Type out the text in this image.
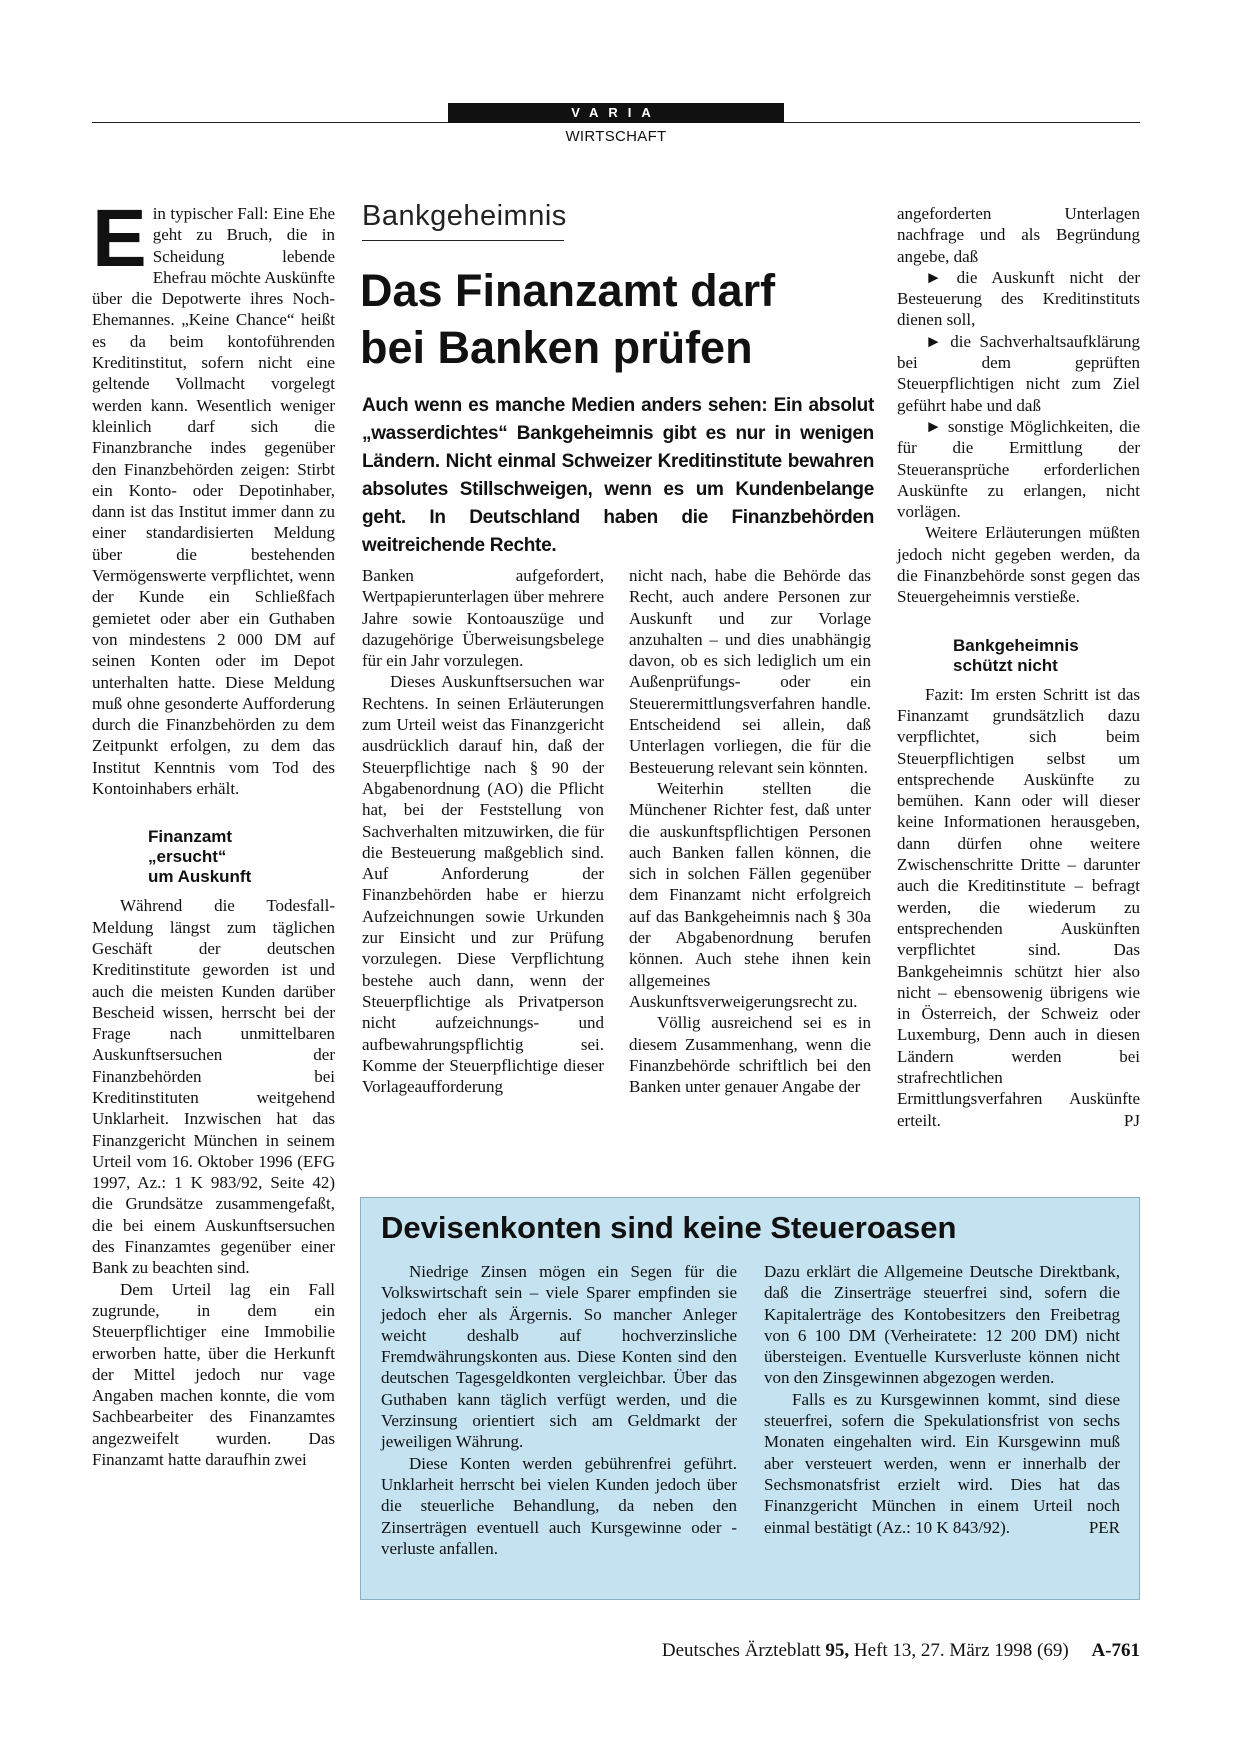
VARIA
WIRTSCHAFT
E in typischer Fall: Eine Ehe geht zu Bruch, die in Scheidung lebende Ehefrau möchte Auskünfte über die Depotwerte ihres Noch-Ehemannes. „Keine Chance“ heißt es da beim kontoführenden Kreditinstitut, sofern nicht eine geltende Vollmacht vorgelegt werden kann. Wesentlich weniger kleinlich darf sich die Finanzbranche indes gegenüber den Finanzbehörden zeigen: Stirbt ein Konto- oder Depotinhaber, dann ist das Institut immer dann zu einer standardisierten Meldung über die bestehenden Vermögenswerte verpflichtet, wenn der Kunde ein Schließfach gemietet oder aber ein Guthaben von mindestens 2 000 DM auf seinen Konten oder im Depot unterhalten hatte. Diese Meldung muß ohne gesonderte Aufforderung durch die Finanzbehörden zu dem Zeitpunkt erfolgen, zu dem das Institut Kenntnis vom Tod des Kontoinhabers erhält.

Finanzamt

„ersucht“

um Auskunft

Während die Todesfall-Meldung längst zum täglichen Geschäft der deutschen Kreditinstitute geworden ist und auch die meisten Kunden darüber Bescheid wissen, herrscht bei der Frage nach unmittelbaren Auskunftsersuchen der Finanzbehörden bei Kreditinstituten weitgehend Unklarheit. Inzwischen hat das Finanzgericht München in seinem Urteil vom 16. Oktober 1996 (EFG 1997, Az.: 1 K 983/92, Seite 42) die Grundsätze zusammengefaßt, die bei einem Auskunftsersuchen des Finanzamtes gegenüber einer Bank zu beachten sind.

Dem Urteil lag ein Fall zugrunde, in dem ein Steuerpflichtiger eine Immobilie erworben hatte, über die Herkunft der Mittel jedoch nur vage Angaben machen konnte, die vom Sachbearbeiter des Finanzamtes angezweifelt wurden. Das Finanzamt hatte daraufhin zwei

Bankgeheimnis
Das Finanzamt darf bei Banken prüfen

Auch wenn es manche Medien anders sehen: Ein absolut „wasserdichtes“ Bankgeheimnis gibt es nur in wenigen Ländern. Nicht einmal Schweizer Kreditinstitute bewahren absolutes Stillschweigen, wenn es um Kundenbelange geht. In Deutschland haben die Finanzbehörden weitreichende Rechte.

Banken aufgefordert, Wertpapierunterlagen über mehrere Jahre sowie Kontoauszüge und dazugehörige Überweisungsbelege für ein Jahr vorzulegen.

Dieses Auskunftsersuchen war Rechtens. In seinen Erläuterungen zum Urteil weist das Finanzgericht ausdrücklich darauf hin, daß der Steuerpflichtige nach § 90 der Abgabenordnung (AO) die Pflicht hat, bei der Feststellung von Sachverhalten mitzuwirken, die für die Besteuerung maßgeblich sind. Auf Anforderung der Finanzbehörden habe er hierzu Aufzeichnungen sowie Urkunden zur Einsicht und zur Prüfung vorzulegen. Diese Verpflichtung bestehe auch dann, wenn der Steuerpflichtige als Privatperson nicht aufzeichnungs- und aufbewahrungspflichtig sei. Komme der Steuerpflichtige dieser Vorlageaufforderung

nicht nach, habe die Behörde das Recht, auch andere Personen zur Auskunft und zur Vorlage anzuhalten – und dies unabhängig davon, ob es sich lediglich um ein Außenprüfungs- oder ein Steuerermittlungsverfahren handle. Entscheidend sei allein, daß Unterlagen vorliegen, die für die Besteuerung relevant sein könnten.

Weiterhin stellten die Münchener Richter fest, daß unter die auskunftspflichtigen Personen auch Banken fallen können, die sich in solchen Fällen gegenüber dem Finanzamt nicht erfolgreich auf das Bankgeheimnis nach § 30a der Abgabenordnung berufen können. Auch stehe ihnen kein allgemeines Auskunftsverweigerungsrecht zu.

Völlig ausreichend sei es in diesem Zusammenhang, wenn die Finanzbehörde schriftlich bei den Banken unter genauer Angabe der

angeforderten Unterlagen nachfrage und als Begründung angebe, daß

► die Auskunft nicht der Besteuerung des Kreditinstituts dienen soll,

► die Sachverhaltsaufklärung bei dem geprüften Steuerpflichtigen nicht zum Ziel geführt habe und daß

► sonstige Möglichkeiten, die für die Ermittlung der Steueransprüche erforderlichen Auskünfte zu erlangen, nicht vorlägen.

Weitere Erläuterungen müßten jedoch nicht gegeben werden, da die Finanzbehörde sonst gegen das Steuergeheimnis verstieße.

Bankgeheimnis

schützt nicht

Fazit: Im ersten Schritt ist das Finanzamt grundsätzlich dazu verpflichtet, sich beim Steuerpflichtigen selbst um entsprechende Auskünfte zu bemühen. Kann oder will dieser keine Informationen herausgeben, dann dürfen ohne weitere Zwischenschritte Dritte – darunter auch die Kreditinstitute – befragt werden, die wiederum zu entsprechenden Auskünften verpflichtet sind. Das Bankgeheimnis schützt hier also nicht – ebensowenig übrigens wie in Österreich, der Schweiz oder Luxemburg, Denn auch in diesen Ländern werden bei strafrechtlichen Ermittlungsverfahren Auskünfte erteilt.	PJ

Devisenkonten sind keine Steueroasen

Niedrige Zinsen mögen ein Segen für die Volkswirtschaft sein – viele Sparer empfinden sie jedoch eher als Ärgernis. So mancher Anleger weicht deshalb auf hochverzinsliche Fremdwährungskonten aus. Diese Konten sind den deutschen Tagesgeldkonten vergleichbar. Über das Guthaben kann täglich verfügt werden, und die Verzinsung orientiert sich am Geldmarkt der jeweiligen Währung.

Diese Konten werden gebührenfrei geführt. Unklarheit herrscht bei vielen Kunden jedoch über die steuerliche Behandlung, da neben den Zinserträgen eventuell auch Kursgewinne oder -verluste anfallen.

Dazu erklärt die Allgemeine Deutsche Direktbank, daß die Zinserträge steuerfrei sind, sofern die Kapitalerträge des Kontobesitzers den Freibetrag von 6 100 DM (Verheiratete: 12 200 DM) nicht übersteigen. Eventuelle Kursverluste können nicht von den Zinsgewinnen abgezogen werden.

Falls es zu Kursgewinnen kommt, sind diese steuerfrei, sofern die Spekulationsfrist von sechs Monaten eingehalten wird. Ein Kursgewinn muß aber versteuert werden, wenn er innerhalb der Sechsmonatsfrist erzielt wird. Dies hat das Finanzgericht München in einem Urteil noch einmal bestätigt (Az.: 10 K 843/92).	PER

Deutsches Ärzteblatt 95, Heft 13, 27. März 1998 (69) A-761
